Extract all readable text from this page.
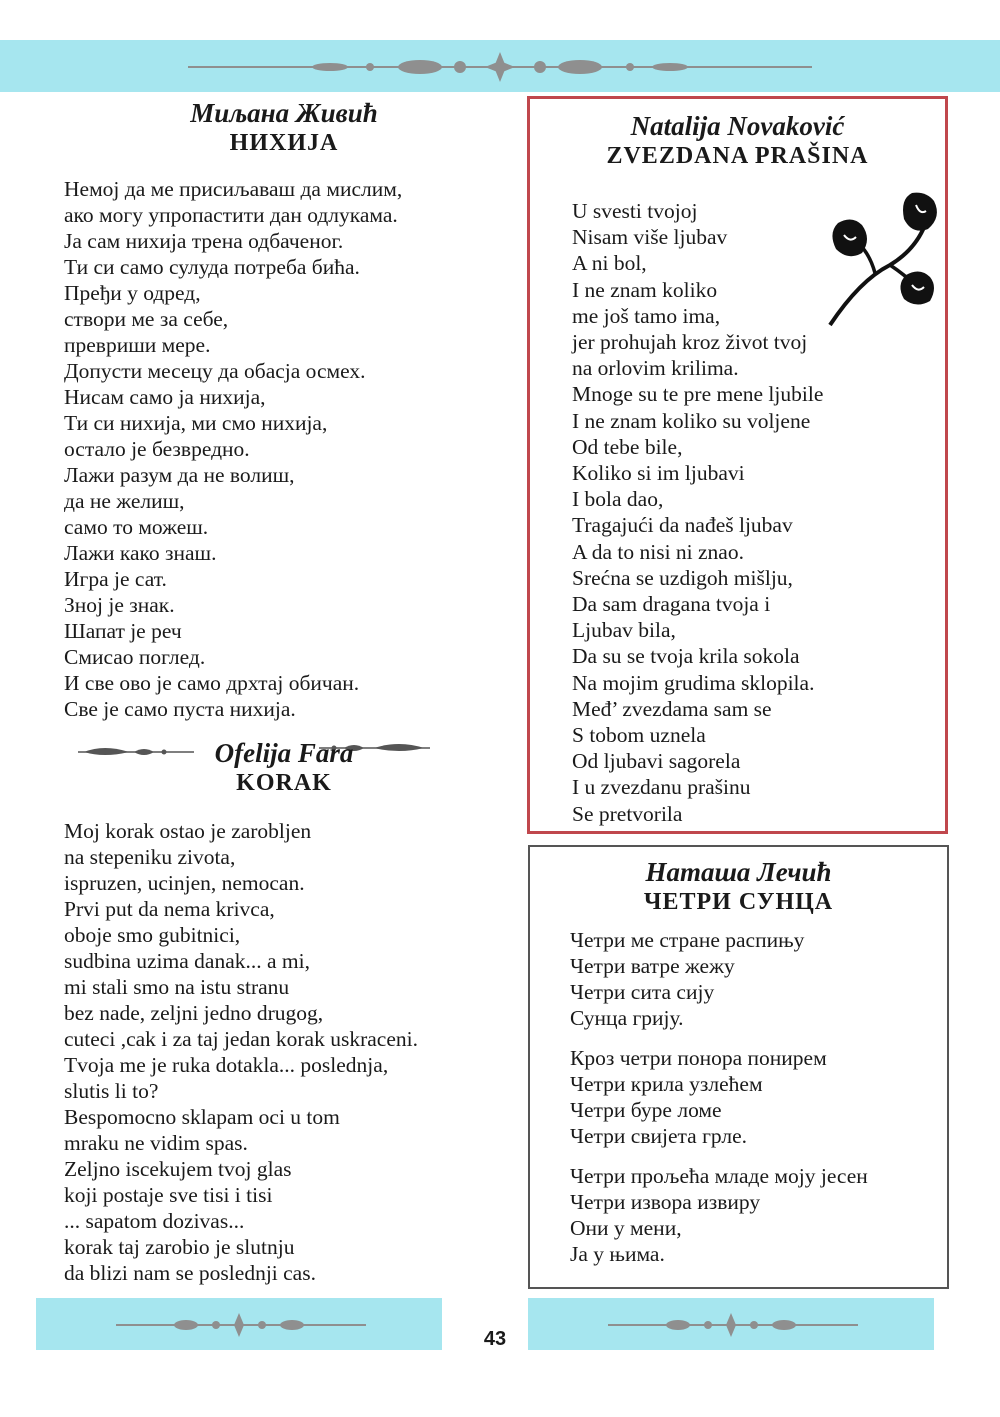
Миљана Живић
НИХИЈА
Немој да ме присиљаваш да мислим,
ако могу упропастити дан одлукама.
Ја сам нихија трена одбаченог.
Ти си само сулуда потреба бића.
Пређи у одред,
створи ме за себе,
превриши мере.
Допусти месецу да обасја осмех.
Нисам само ја нихија,
Ти си нихија, ми смо нихија,
остало је безвредно.
Лажи разум да не волиш,
да не желиш,
само то можеш.
Лажи како знаш.
Игра је сат.
Зној је знак.
Шапат је реч
Смисао поглед.
И све ово је само дрхтај обичан.
Све је само пуста нихија.
Ofelija Fara
KORAK
Moj korak ostao je zarobljen
na stepeniku zivota,
ispruzen, ucinjen, nemocan.
Prvi put da nema krivca,
oboje smo gubitnici,
sudbina uzima danak... a mi,
mi stali smo na istu stranu
bez nade, zeljni jedno drugog,
cuteci ,cak i za taj jedan korak uskraceni.
Tvoja me je ruka dotakla... poslednja,
slutis li to?
Bespomocno sklapam oci u tom
mraku ne vidim spas.
Zeljno iscekujem tvoj glas
koji postaje sve tisi i tisi
... sapatom dozivas...
korak taj zarobio je slutnju
da blizi nam se poslednji cas.
Natalija Novaković
ZVEZDANA PRAŠINA
U svesti tvojoj
Nisam više ljubav
A ni bol,
I ne znam koliko
me još tamo ima,
jer prohujah kroz život tvoj
na orlovim krilima.
Mnoge su te pre mene ljubile
I ne znam koliko su voljene
Od tebe bile,
Koliko si im ljubavi
I bola dao,
Tragajući da nađeš ljubav
A da to nisi ni znao.
Srećna se uzdigoh mišlju,
Da sam dragana tvoja i
Ljubav bila,
Da su se tvoja krila sokola
Na mojim grudima sklopila.
Međ’ zvezdama sam se
S tobom uznela
Od ljubavi sagorela
I u zvezdanu prašinu
Se pretvorila
Наташа Лечић
ЧЕТРИ СУНЦА
Четри ме стране распињу
Четри ватре жежу
Четри сита сију
Сунца грију.
Кроз четри понора понирем
Четри крила узлећем
Четри буре ломе
Четри свијета грле.
Четри прољећа младе моју јесен
Четри извора извиру
Они у мени,
Ја у њима.
43
